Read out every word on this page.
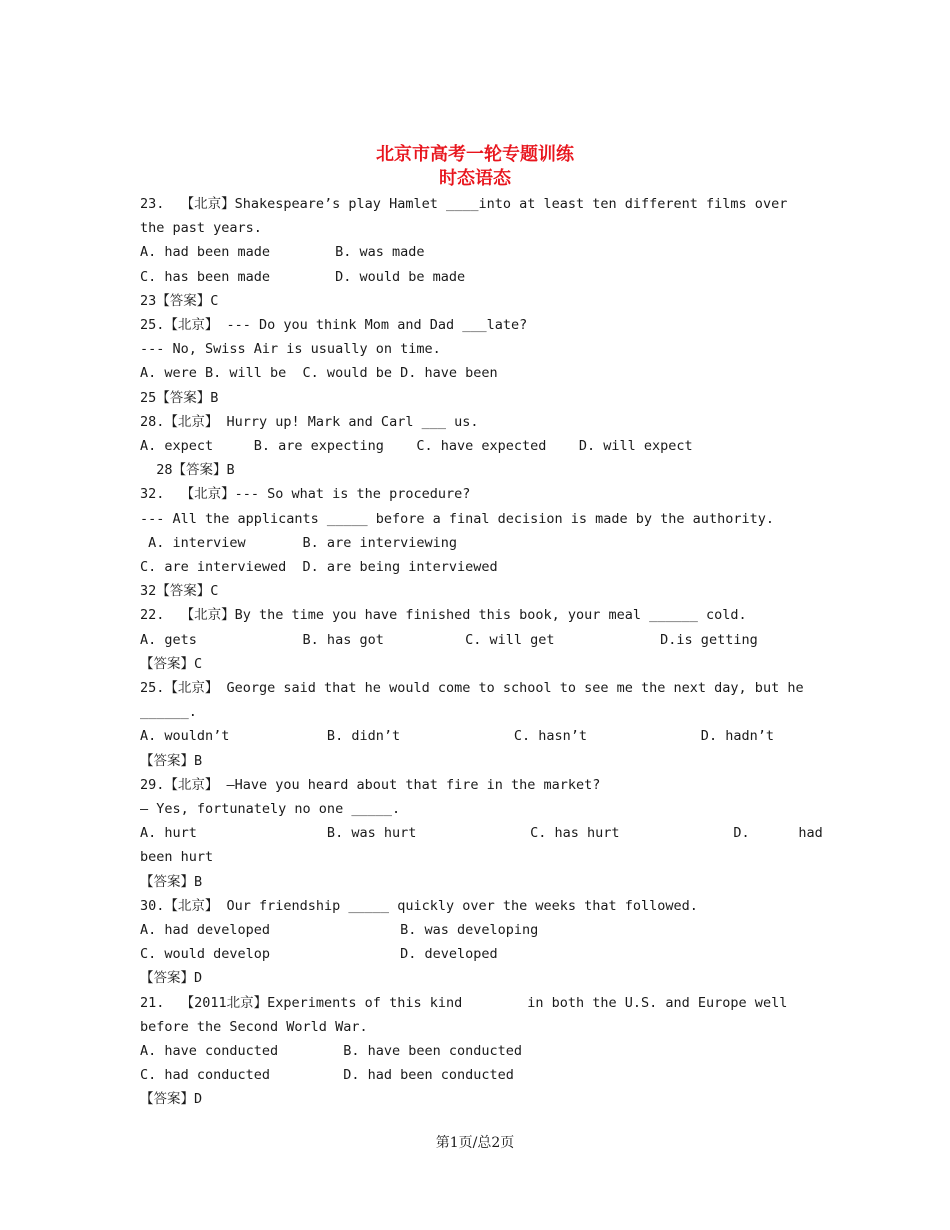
北京市高考一轮专题训练
时态语态
23.  【北京】Shakespeare’s play Hamlet ____into at least ten different films over
the past years.
A. had been made        B. was made
C. has been made        D. would be made
23【答案】C
25.【北京】 --- Do you think Mom and Dad ___late?
--- No, Swiss Air is usually on time.
A. were B. will be  C. would be D. have been
25【答案】B
28.【北京】 Hurry up! Mark and Carl ___ us.
A. expect     B. are expecting    C. have expected    D. will expect
28【答案】B
32.  【北京】--- So what is the procedure?
--- All the applicants _____ before a final decision is made by the authority.
A. interview       B. are interviewing
C. are interviewed  D. are being interviewed
32【答案】C
22.  【北京】By the time you have finished this book, your meal ______ cold.
A. gets             B. has got          C. will get             D.is getting
【答案】C
25.【北京】 George said that he would come to school to see me the next day, but he
______.
A. wouldn’t            B. didn’t              C. hasn’t              D. hadn’t
【答案】B
29.【北京】 —Have you heard about that fire in the market?
— Yes, fortunately no one _____.
A. hurt                B. was hurt              C. has hurt              D.      had
been hurt
【答案】B
30.【北京】 Our friendship _____ quickly over the weeks that followed.
A. had developed                B. was developing
C. would develop                D. developed
【答案】D
21.  【2011北京】Experiments of this kind        in both the U.S. and Europe well
before the Second World War.
A. have conducted        B. have been conducted
C. had conducted         D. had been conducted
【答案】D
第1页/总2页
